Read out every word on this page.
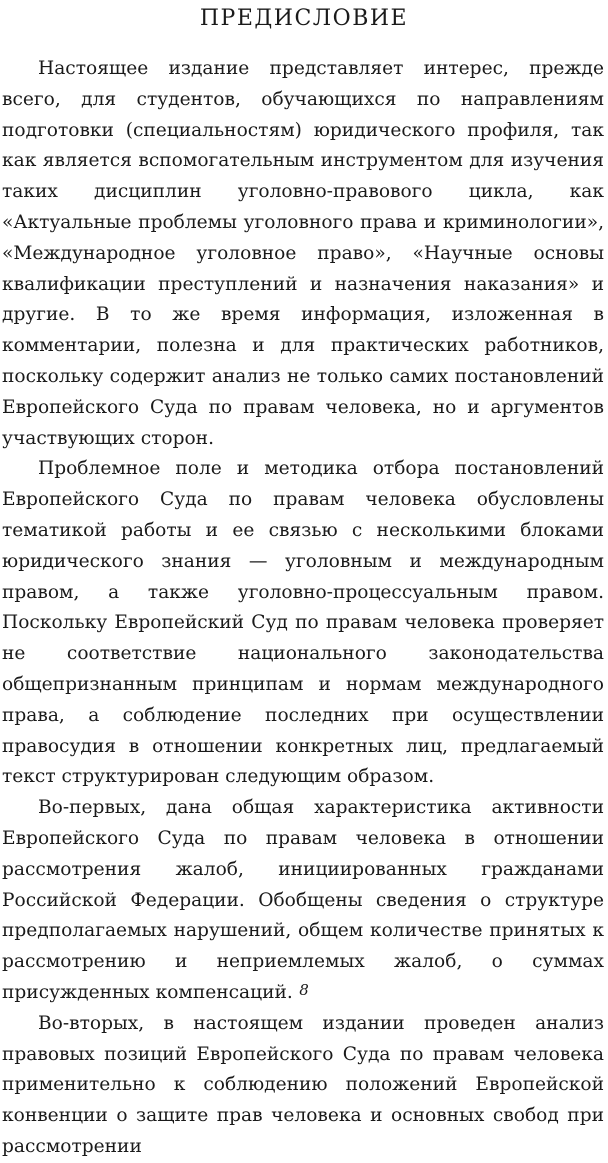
ПРЕДИСЛОВИЕ

Настоящее издание представляет интерес, прежде всего, для студентов, обучающихся по направлениям подготовки (специальностям) юридического профиля, так как является вспомогательным инструментом для изучения таких дисциплин уголовно-правового цикла, как «Актуальные проблемы уголовного права и криминологии», «Международное уголовное право», «Научные основы квалификации преступлений и назначения наказания» и другие. В то же время информация, изложенная в комментарии, полезна и для практических работников, поскольку содержит анализ не только самих постановлений Европейского Суда по правам человека, но и аргументов участвующих сторон.

Проблемное поле и методика отбора постановлений Европейского Суда по правам человека обусловлены тематикой работы и ее связью с несколькими блоками юридического знания — уголовным и международным правом, а также уголовно-процессуальным правом. Поскольку Европейский Суд по правам человека проверяет не соответствие национального законодательства общепризнанным принципам и нормам международного права, а соблюдение последних при осуществлении правосудия в отношении конкретных лиц, предлагаемый текст структурирован следующим образом.

Во-первых, дана общая характеристика активности Европейского Суда по правам человека в отношении рассмотрения жалоб, инициированных гражданами Российской Федерации. Обобщены сведения о структуре предполагаемых нарушений, общем количестве принятых к рассмотрению и неприемлемых жалоб, о суммах присужденных компенсаций.

Во-вторых, в настоящем издании проведен анализ правовых позиций Европейского Суда по правам человека применительно к соблюдению положений Европейской конвенции о защите прав человека и основных свобод при рассмотрении

8
